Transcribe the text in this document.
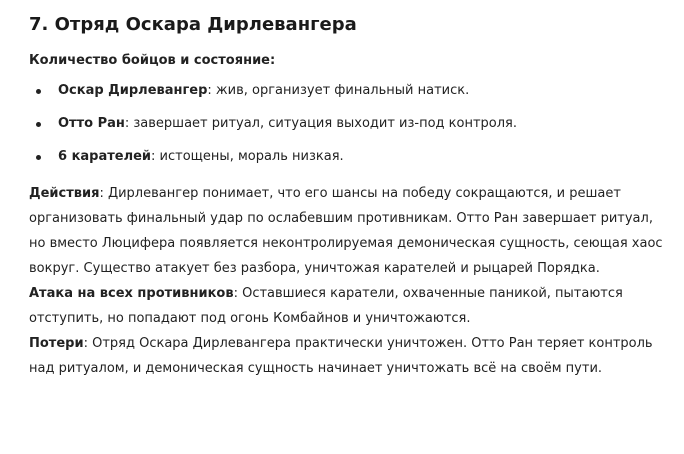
7. Отряд Оскара Дирлевангера
Количество бойцов и состояние:
Оскар Дирлевангер: жив, организует финальный натиск.
Отто Ран: завершает ритуал, ситуация выходит из-под контроля.
6 карателей: истощены, мораль низкая.

Действия: Дирлевангер понимает, что его шансы на победу сокращаются, и решает организовать финальный удар по ослабевшим противникам. Отто Ран завершает ритуал, но вместо Люцифера появляется неконтролируемая демоническая сущность, сеющая хаос вокруг. Существо атакует без разбора, уничтожая карателей и рыцарей Порядка.

Атака на всех противников: Оставшиеся каратели, охваченные паникой, пытаются отступить, но попадают под огонь Комбайнов и уничтожаются.

Потери: Отряд Оскара Дирлевангера практически уничтожен. Отто Ран теряет контроль над ритуалом, и демоническая сущность начинает уничтожать всё на своём пути.
